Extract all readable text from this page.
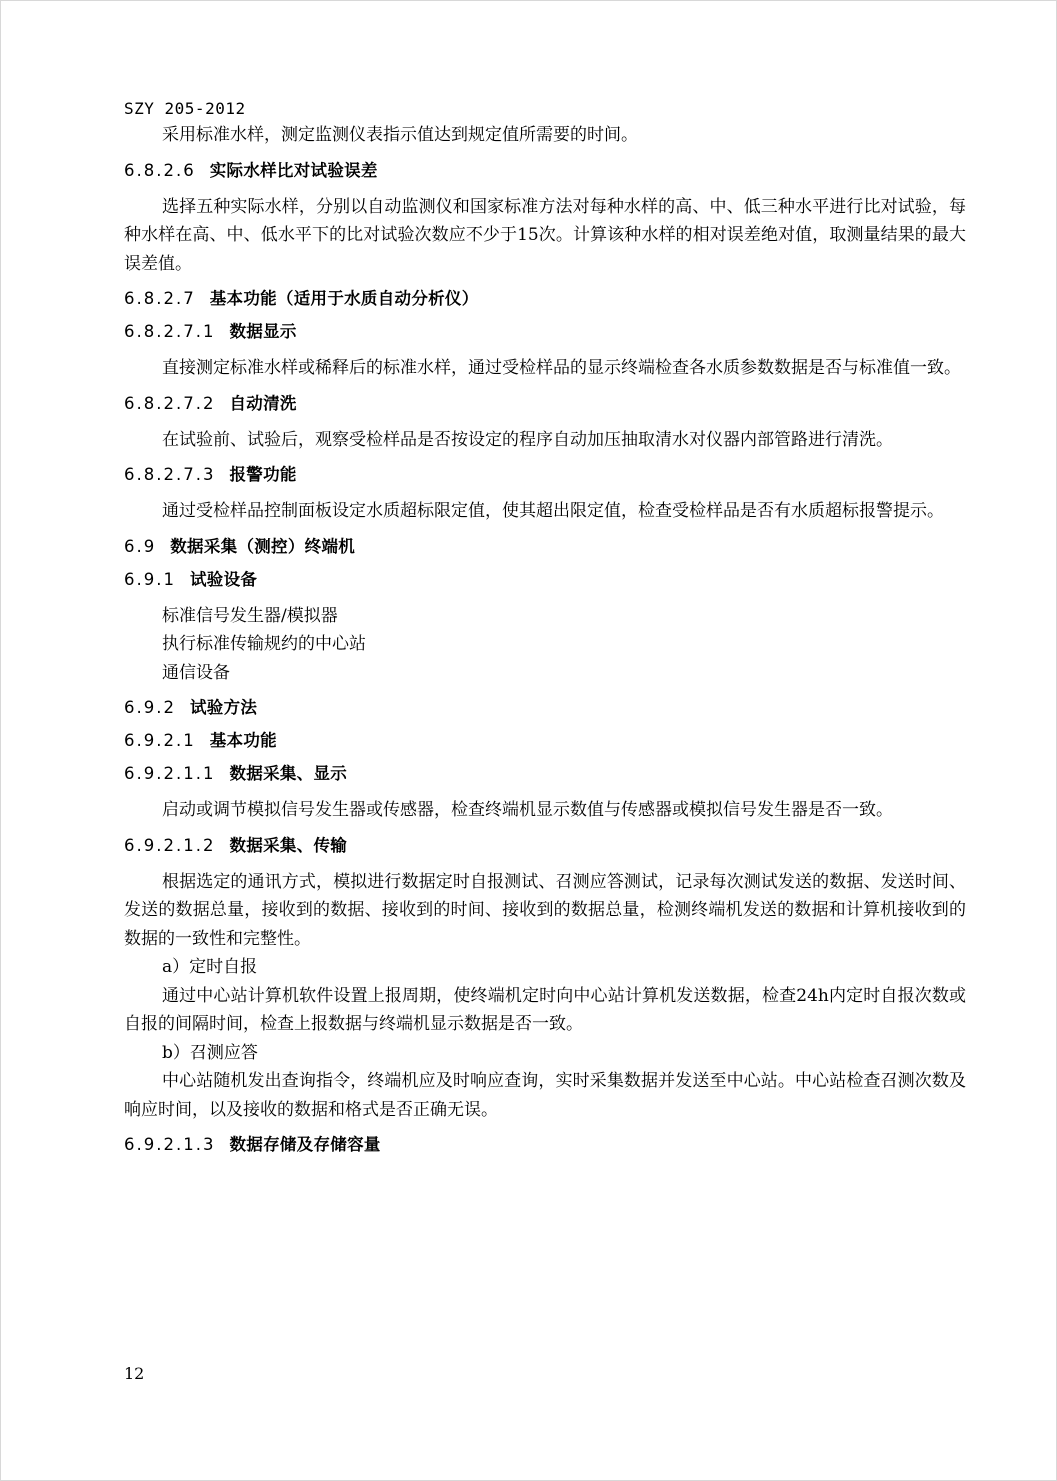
SZY 205-2012

采用标准水样，测定监测仪表指示值达到规定值所需要的时间。

6.8.2.6 实际水样比对试验误差

选择五种实际水样，分别以自动监测仪和国家标准方法对每种水样的高、中、低三种水平进行比对试验，每种水样在高、中、低水平下的比对试验次数应不少于15次。计算该种水样的相对误差绝对值，取测量结果的最大误差值。

6.8.2.7 基本功能（适用于水质自动分析仪）
6.8.2.7.1 数据显示

直接测定标准水样或稀释后的标准水样，通过受检样品的显示终端检查各水质参数数据是否与标准值一致。

6.8.2.7.2 自动清洗

在试验前、试验后，观察受检样品是否按设定的程序自动加压抽取清水对仪器内部管路进行清洗。

6.8.2.7.3 报警功能

通过受检样品控制面板设定水质超标限定值，使其超出限定值，检查受检样品是否有水质超标报警提示。

6.9 数据采集（测控）终端机
6.9.1 试验设备

标准信号发生器/模拟器

执行标准传输规约的中心站

通信设备

6.9.2 试验方法
6.9.2.1 基本功能
6.9.2.1.1 数据采集、显示

启动或调节模拟信号发生器或传感器，检查终端机显示数值与传感器或模拟信号发生器是否一致。

6.9.2.1.2 数据采集、传输

根据选定的通讯方式，模拟进行数据定时自报测试、召测应答测试，记录每次测试发送的数据、发送时间、发送的数据总量，接收到的数据、接收到的时间、接收到的数据总量，检测终端机发送的数据和计算机接收到的数据的一致性和完整性。

a）定时自报

通过中心站计算机软件设置上报周期，使终端机定时向中心站计算机发送数据，检查24h内定时自报次数或自报的间隔时间，检查上报数据与终端机显示数据是否一致。

b）召测应答

中心站随机发出查询指令，终端机应及时响应查询，实时采集数据并发送至中心站。中心站检查召测次数及响应时间，以及接收的数据和格式是否正确无误。

6.9.2.1.3 数据存储及存储容量
12
